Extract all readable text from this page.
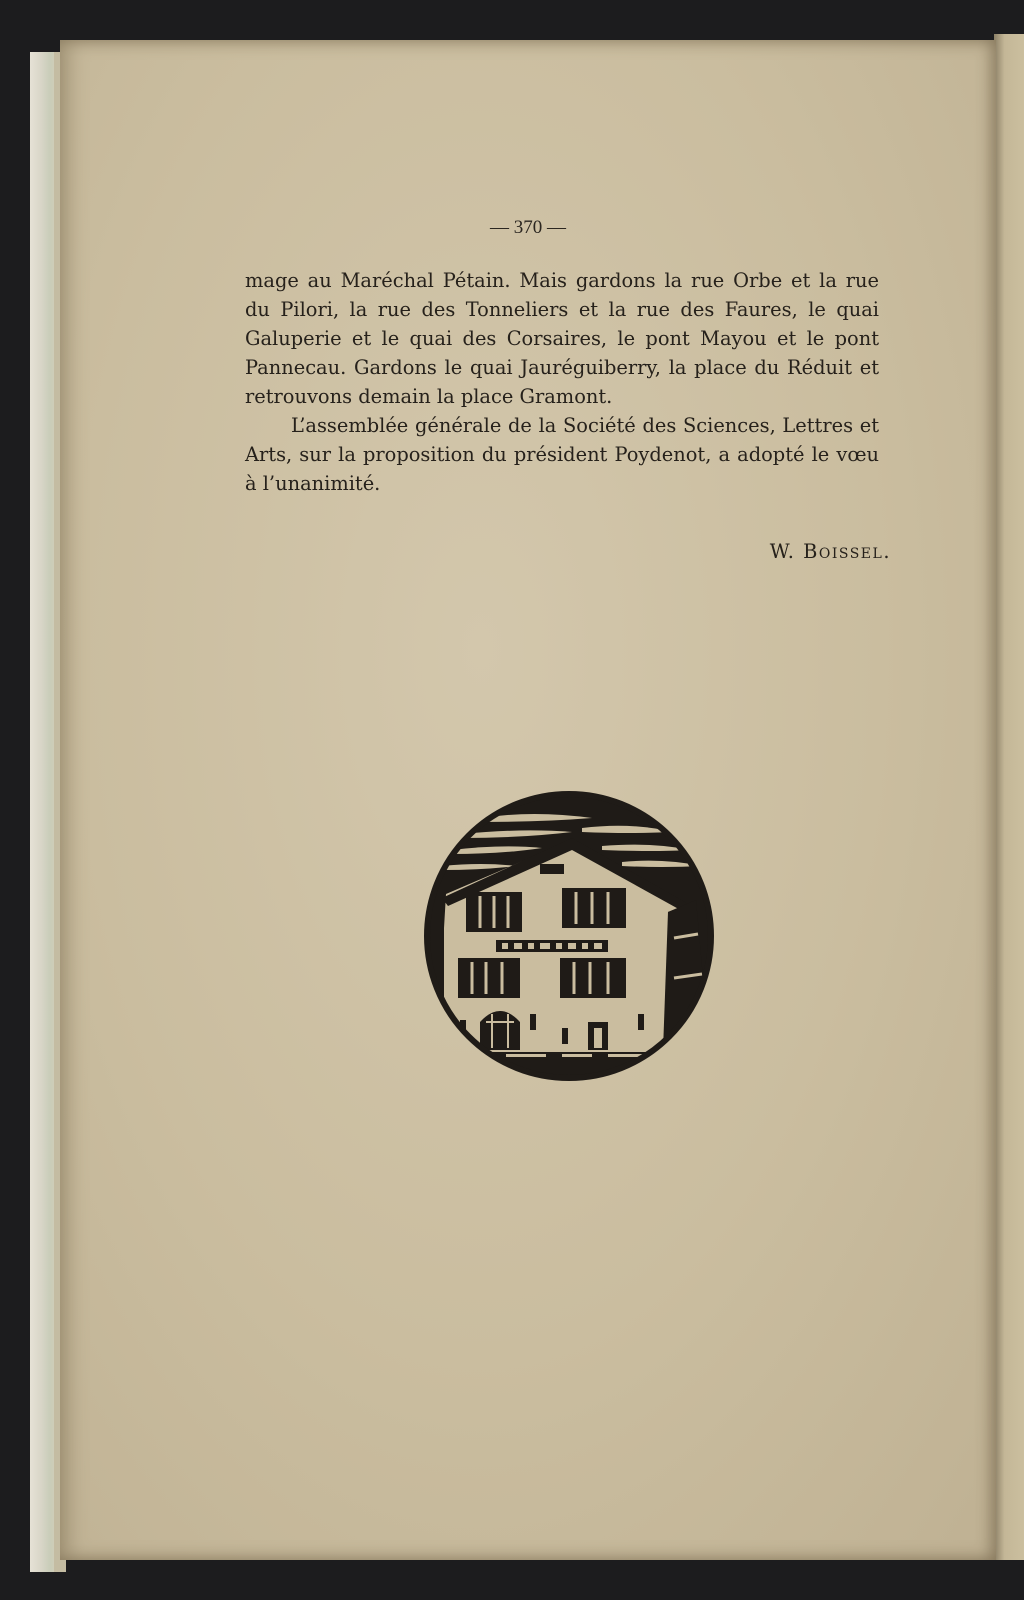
— 370 —

mage au Maréchal Pétain. Mais gardons la rue Orbe et la rue du Pilori, la rue des Tonneliers et la rue des Faures, le quai Galuperie et le quai des Corsaires, le pont Mayou et le pont Pannecau. Gardons le quai Jauréguiberry, la place du Réduit et retrouvons demain la place Gramont.

L’assemblée générale de la Société des Sciences, Lettres et Arts, sur la proposition du président Poydenot, a adopté le vœu à l’unanimité.

W. Boissel.
